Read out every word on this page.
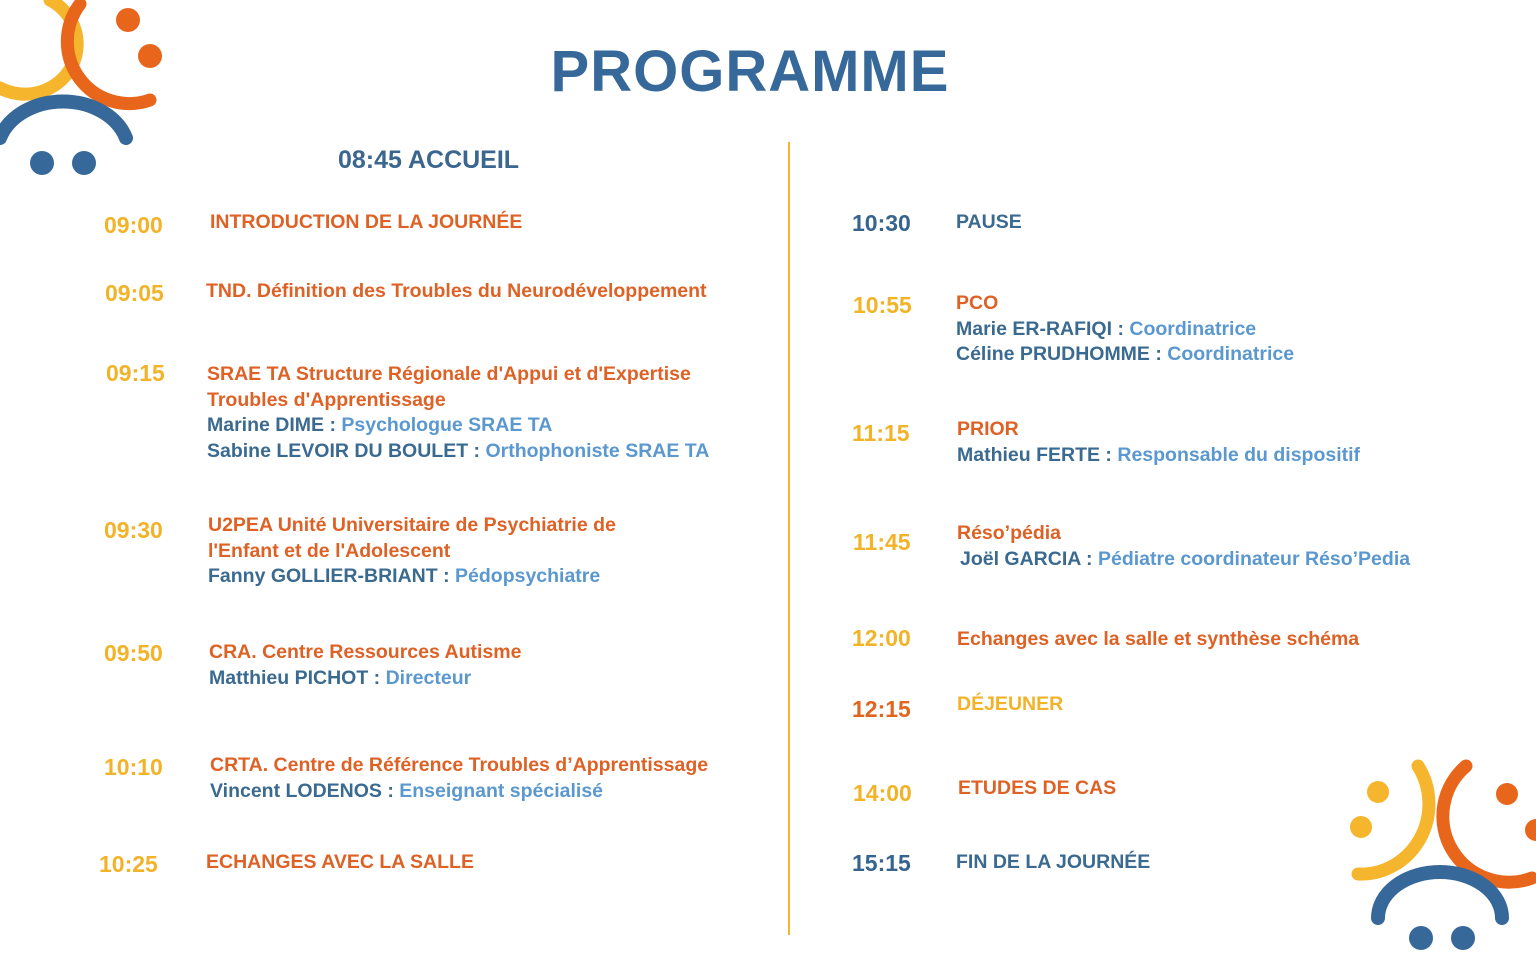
PROGRAMME
08:45 ACCUEIL
09:00 INTRODUCTION DE LA JOURNÉE
09:05 TND. Définition des Troubles du Neurodéveloppement
09:15 SRAE TA Structure Régionale d'Appui et d'Expertise
Troubles d'Apprentissage
Marine DIME : Psychologue SRAE TA
Sabine LEVOIR DU BOULET : Orthophoniste SRAE TA
09:30 U2PEA Unité Universitaire de Psychiatrie de
l'Enfant et de l'Adolescent
Fanny GOLLIER-BRIANT : Pédopsychiatre
09:50 CRA. Centre Ressources Autisme
Matthieu PICHOT : Directeur
10:10 CRTA. Centre de Référence Troubles d’Apprentissage
Vincent LODENOS : Enseignant spécialisé
10:25 ECHANGES AVEC LA SALLE
10:30 PAUSE
10:55 PCO
Marie ER-RAFIQI : Coordinatrice
Céline PRUDHOMME : Coordinatrice
11:15 PRIOR
Mathieu FERTE : Responsable du dispositif
11:45 Réso’pédia
Joël GARCIA : Pédiatre coordinateur Réso’Pedia
12:00 Echanges avec la salle et synthèse schéma
12:15 DÉJEUNER
14:00 ETUDES DE CAS
15:15 FIN DE LA JOURNÉE
